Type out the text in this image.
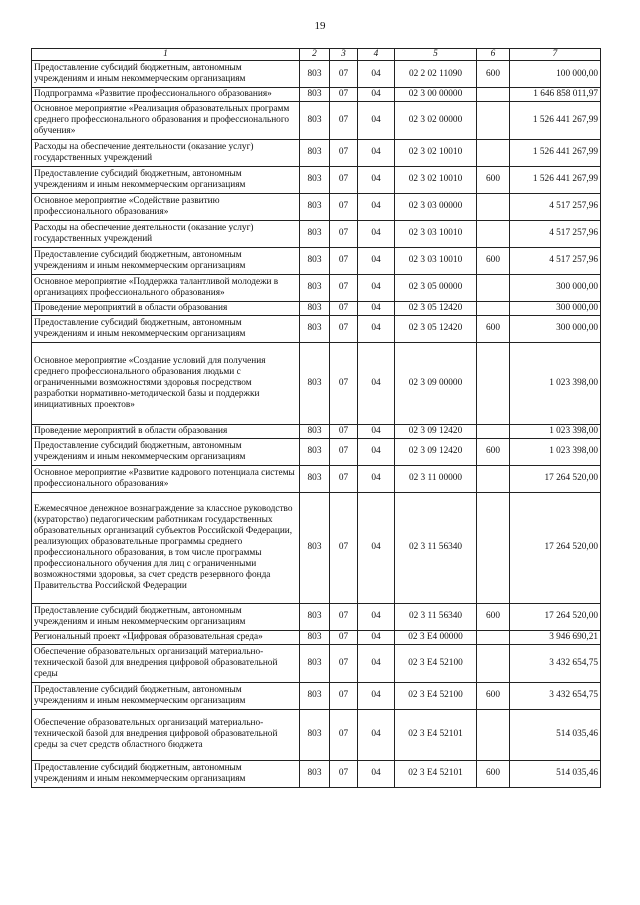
19
1	2	3	4	5	6	7
Предоставление субсидий бюджетным, автономным учреждениям и иным некоммерческим организациям	803	07	04	02 2 02 11090	600	100 000,00
Подпрограмма «Развитие профессионального образования»	803	07	04	02 3 00 00000		1 646 858 011,97
Основное мероприятие «Реализация образовательных программ среднего профессионального образования и профессионального обучения»	803	07	04	02 3 02 00000		1 526 441 267,99
Расходы на обеспечение деятельности (оказание услуг) государственных учреждений	803	07	04	02 3 02 10010		1 526 441 267,99
Предоставление субсидий бюджетным, автономным учреждениям и иным некоммерческим организациям	803	07	04	02 3 02 10010	600	1 526 441 267,99
Основное мероприятие «Содействие развитию профессионального образования»	803	07	04	02 3 03 00000		4 517 257,96
Расходы на обеспечение деятельности (оказание услуг) государственных учреждений	803	07	04	02 3 03 10010		4 517 257,96
Предоставление субсидий бюджетным, автономным учреждениям и иным некоммерческим организациям	803	07	04	02 3 03 10010	600	4 517 257,96
Основное мероприятие «Поддержка талантливой молодежи в организациях профессионального образования»	803	07	04	02 3 05 00000		300 000,00
Проведение мероприятий в области образования	803	07	04	02 3 05 12420		300 000,00
Предоставление субсидий бюджетным, автономным учреждениям и иным некоммерческим организациям	803	07	04	02 3 05 12420	600	300 000,00
Основное мероприятие «Создание условий для получения среднего профессионального образования людьми с ограниченными возможностями здоровья посредством разработки нормативно-методической базы и поддержки инициативных проектов»	803	07	04	02 3 09 00000		1 023 398,00
Проведение мероприятий в области образования	803	07	04	02 3 09 12420		1 023 398,00
Предоставление субсидий бюджетным, автономным учреждениям и иным некоммерческим организациям	803	07	04	02 3 09 12420	600	1 023 398,00
Основное мероприятие «Развитие кадрового потенциала системы профессионального образования»	803	07	04	02 3 11 00000		17 264 520,00
Ежемесячное денежное вознаграждение за классное руководство (кураторство) педагогическим работникам государственных образовательных организаций субъектов Российской Федерации, реализующих образовательные программы среднего профессионального образования, в том числе программы профессионального обучения для лиц с ограниченными возможностями здоровья, за счет средств резервного фонда Правительства Российской Федерации	803	07	04	02 3 11 56340		17 264 520,00
Предоставление субсидий бюджетным, автономным учреждениям и иным некоммерческим организациям	803	07	04	02 3 11 56340	600	17 264 520,00
Региональный проект «Цифровая образовательная среда»	803	07	04	02 3 E4 00000		3 946 690,21
Обеспечение образовательных организаций материально-технической базой для внедрения цифровой образовательной среды	803	07	04	02 3 E4 52100		3 432 654,75
Предоставление субсидий бюджетным, автономным учреждениям и иным некоммерческим организациям	803	07	04	02 3 E4 52100	600	3 432 654,75
Обеспечение образовательных организаций материально-технической базой для внедрения цифровой образовательной среды за счет средств областного бюджета	803	07	04	02 3 E4 52101		514 035,46
Предоставление субсидий бюджетным, автономным учреждениям и иным некоммерческим организациям	803	07	04	02 3 E4 52101	600	514 035,46
